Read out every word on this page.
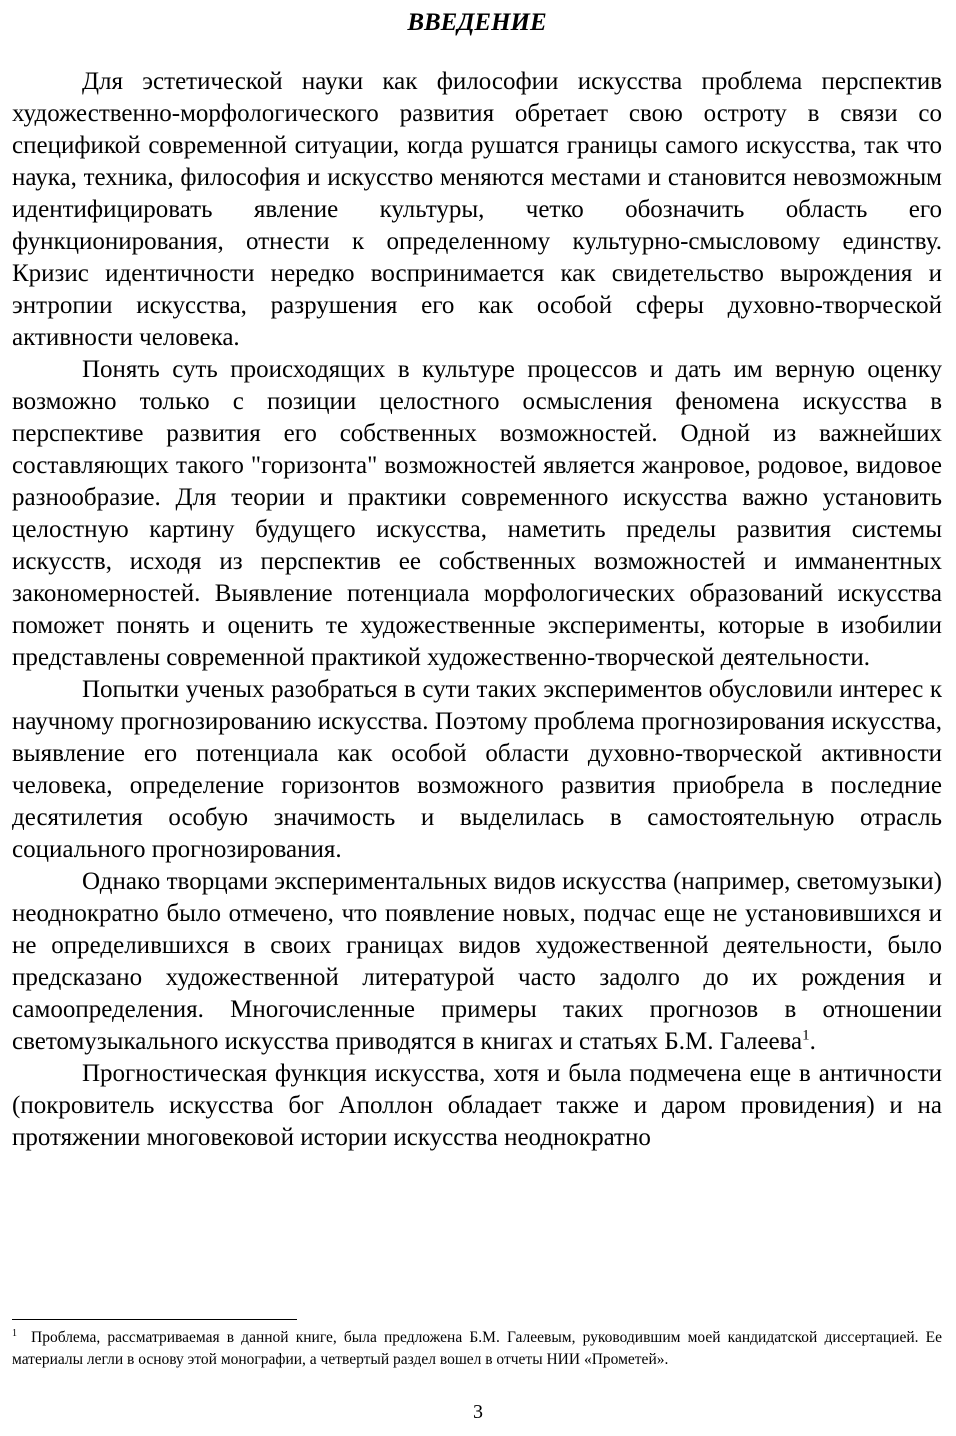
ВВЕДЕНИЕ

Для эстетической науки как философии искусства проблема перспектив художественно-морфологического развития обретает свою остроту в связи со спецификой современной ситуации, когда рушатся границы самого искусства, так что наука, техника, философия и искусство меняются местами и становится невозможным идентифицировать явление культуры, четко обозначить область его функционирования, отнести к определенному культурно-смысловому единству. Кризис идентичности нередко воспринимается как свидетельство вырождения и энтропии искусства, разрушения его как особой сферы духовно-творческой активности человека.

Понять суть происходящих в культуре процессов и дать им верную оценку возможно только с позиции целостного осмысления феномена искусства в перспективе развития его собственных возможностей. Одной из важнейших составляющих такого "горизонта" возможностей является жанровое, родовое, видовое разнообразие. Для теории и практики современного искусства важно установить целостную картину будущего искусства, наметить пределы развития системы искусств, исходя из перспектив ее собственных возможностей и имманентных закономерностей. Выявление потенциала морфологических образований искусства поможет понять и оценить те художественные эксперименты, которые в изобилии представлены современной практикой художественно-творческой деятельности.

Попытки ученых разобраться в сути таких экспериментов обусловили интерес к научному прогнозированию искусства. Поэтому проблема прогнозирования искусства, выявление его потенциала как особой области духовно-творческой активности человека, определение горизонтов возможного развития приобрела в последние десятилетия особую значимость и выделилась в самостоятельную отрасль социального прогнозирования.

Однако творцами экспериментальных видов искусства (например, светомузыки) неоднократно было отмечено, что появление новых, подчас еще не установившихся и не определившихся в своих границах видов художественной деятельности, было предсказано художественной литературой часто задолго до их рождения и самоопределения. Многочисленные примеры таких прогнозов в отношении светомузыкального искусства приводятся в книгах и статьях Б.М. Галеева$^1$.

Прогностическая функция искусства, хотя и была подмечена еще в античности (покровитель искусства бог Аполлон обладает также и даром провидения) и на протяжении многовековой истории искусства неоднократно

$^1$ Проблема, рассматриваемая в данной книге, была предложена Б.М. Галеевым, руководившим моей кандидатской диссертацией. Ее материалы легли в основу этой монографии, а четвертый раздел вошел в отчеты НИИ «Прометей».

3
